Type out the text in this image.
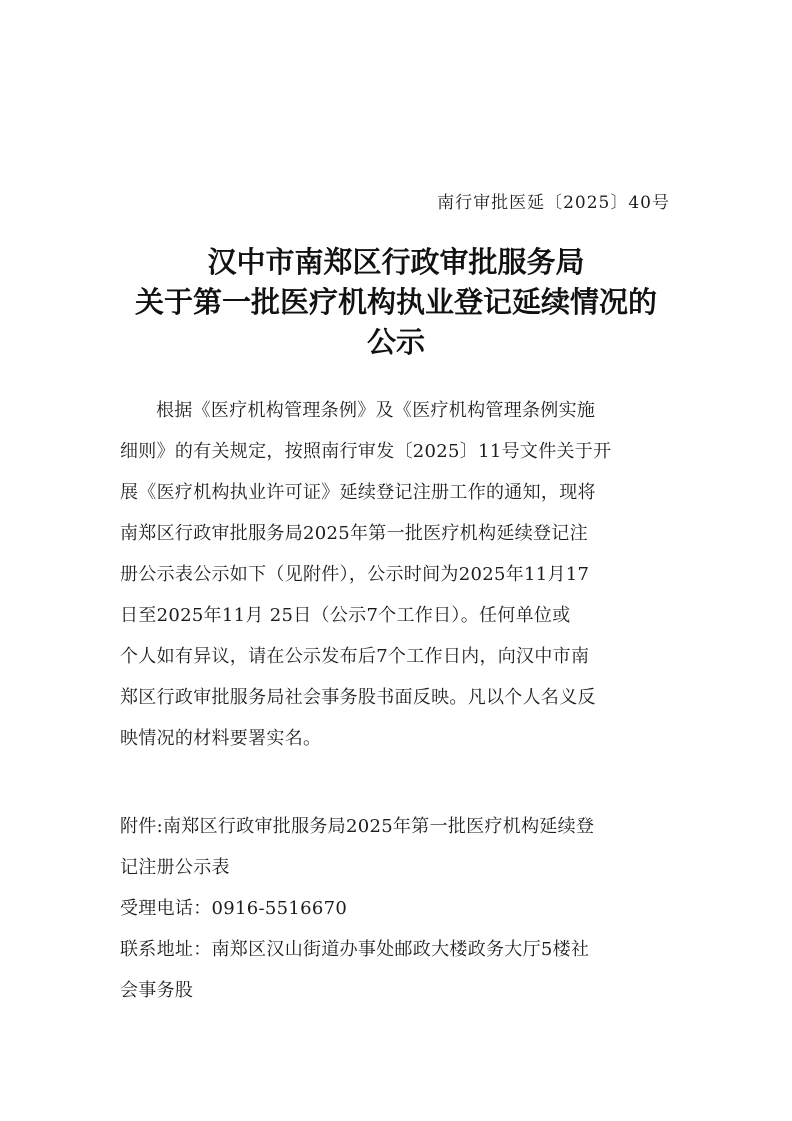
南行审批医延〔2025〕40号
汉中市南郑区行政审批服务局
关于第一批医疗机构执业登记延续情况的
公示
根据《医疗机构管理条例》及《医疗机构管理条例实施
细则》的有关规定，按照南行审发〔2025〕11号文件关于开
展《医疗机构执业许可证》延续登记注册工作的通知，现将
南郑区行政审批服务局2025年第一批医疗机构延续登记注
册公示表公示如下（见附件），公示时间为2025年11月17
日至2025年11月 25日（公示7个工作日）。任何单位或
个人如有异议，请在公示发布后7个工作日内，向汉中市南
郑区行政审批服务局社会事务股书面反映。凡以个人名义反
映情况的材料要署实名。
附件:南郑区行政审批服务局2025年第一批医疗机构延续登
记注册公示表
受理电话：0916-5516670
联系地址：南郑区汉山街道办事处邮政大楼政务大厅5楼社
会事务股
